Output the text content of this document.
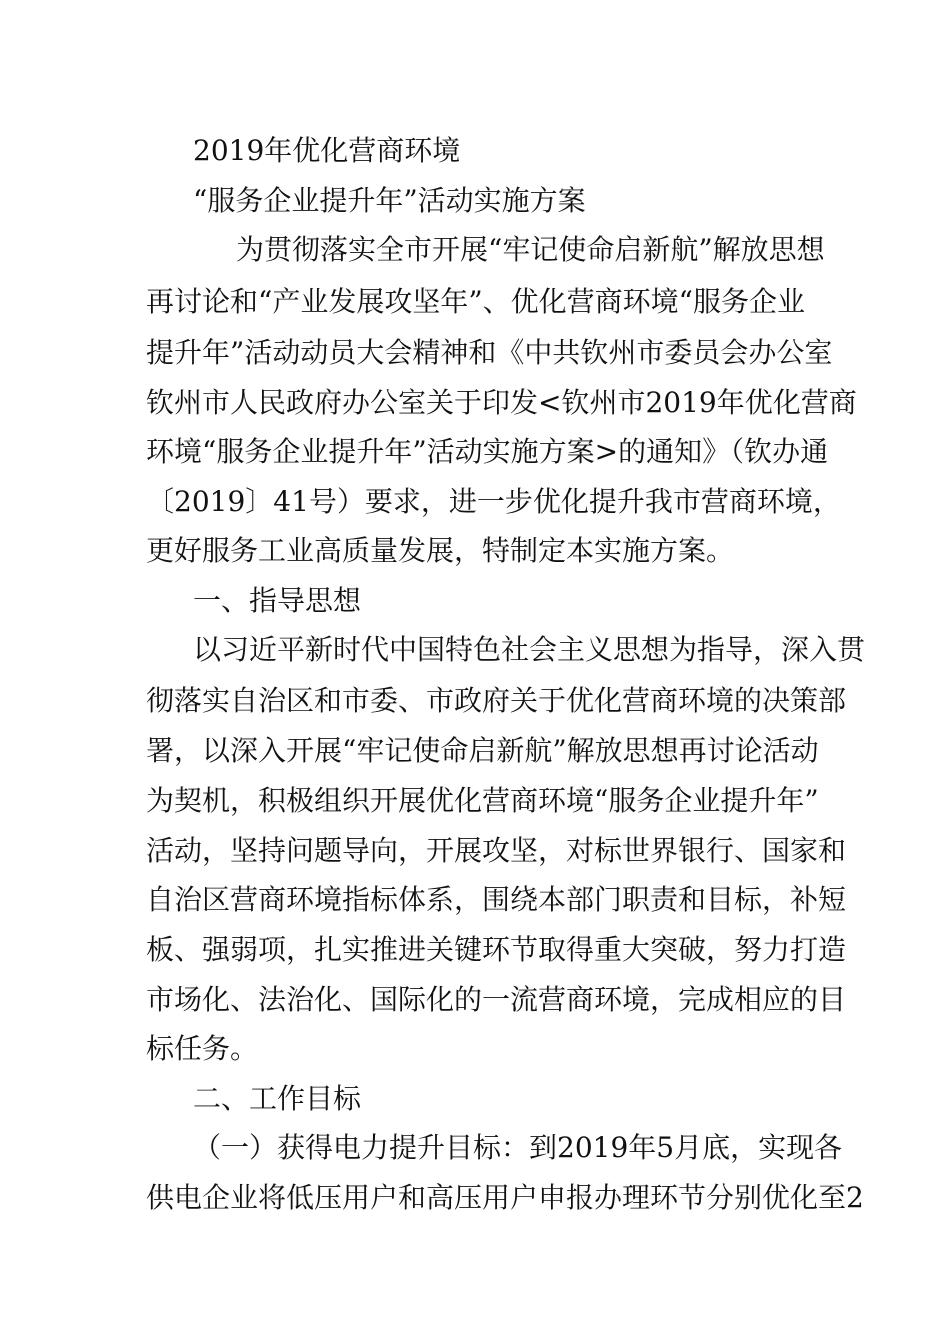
2019年优化营商环境
“服务企业提升年”活动实施方案
为贯彻落实全市开展“牢记使命启新航”解放思想
再讨论和“产业发展攻坚年”、优化营商环境“服务企业
提升年”活动动员大会精神和《中共钦州市委员会办公室
钦州市人民政府办公室关于印发<钦州市2019年优化营商
环境“服务企业提升年”活动实施方案>的通知》（钦办通
〔2019〕41号）要求，进一步优化提升我市营商环境，
更好服务工业高质量发展，特制定本实施方案。
一、指导思想
以习近平新时代中国特色社会主义思想为指导，深入贯
彻落实自治区和市委、市政府关于优化营商环境的决策部
署，以深入开展“牢记使命启新航”解放思想再讨论活动
为契机，积极组织开展优化营商环境“服务企业提升年”
活动，坚持问题导向，开展攻坚，对标世界银行、国家和
自治区营商环境指标体系，围绕本部门职责和目标，补短
板、强弱项，扎实推进关键环节取得重大突破，努力打造
市场化、法治化、国际化的一流营商环境，完成相应的目
标任务。
二、工作目标
（一）获得电力提升目标：到2019年5月底，实现各
供电企业将低压用户和高压用户申报办理环节分别优化至2
